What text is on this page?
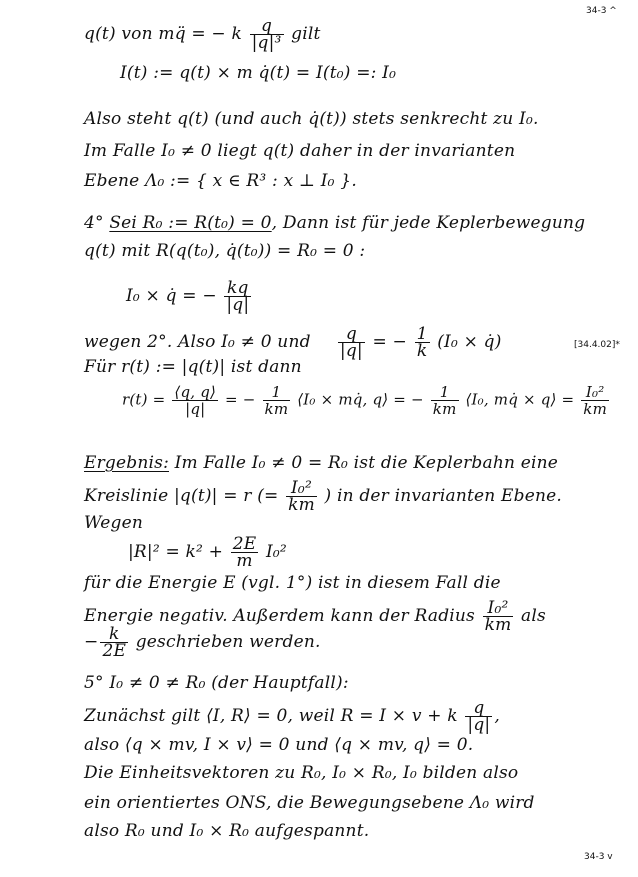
34-3 ^
q(t) von mq̈ = − k $\frac{q}{\text{|q|³}}$ gilt
I(t) := q(t) × m q̇(t) = I(t₀) =: I₀
Also steht q(t) (und auch q̇(t)) stets senkrecht zu I₀.
Im Falle I₀ ≠ 0 liegt q(t) daher in der invarianten
Ebene Λ₀ := { x ∈ R³ : x ⊥ I₀ }.
4° Sei R₀ := R(t₀) = 0, Dann ist für jede Keplerbewegung
q(t) mit R(q(t₀), q̇(t₀)) = R₀ = 0 :
I₀ × q̇ = − $\frac{kq}{|q|}$
wegen 2°. Also I₀ ≠ 0 und $\frac{q}{|q|}$ = − $\frac{1}{k} (I_0$ × q̇)	[34.4.02]*
Für r(t) := |q(t)| ist dann
$r(t) = \frac{⟨q, q⟩}{|q|}$ = − $\frac{1}{km}$ ⟨I₀ × mq̇, q⟩ = − $\frac{1}{km}$ ⟨I₀, mq̇ × q⟩ = $\frac{\text{I₀²}}{km}$
Ergebnis: Im Falle I₀ ≠ 0 = R₀ ist die Keplerbahn eine
Kreislinie |q(t)| = r (= $\frac{\text{I₀²}}{km}$ ) in der invarianten Ebene.
Wegen
$|R|^2 = k^2 + \frac{2E}{m} I_0^2$
für die Energie E (vgl. 1°) ist in diesem Fall die
Energie negativ. Außerdem kann der Radius $\frac{\text{I₀²}}{km}$ als
− $\frac{k}{2E}$ geschrieben werden.
5° I₀ ≠ 0 ≠ R₀ (der Hauptfall):
Zunächst gilt ⟨I, R⟩ = 0, weil R = I × v + k $\frac{q}{|q|}$ ,
also ⟨q × mv, I × v⟩ = 0 und ⟨q × mv, q⟩ = 0.
Die Einheitsvektoren zu R₀, I₀ × R₀, I₀ bilden also
ein orientiertes ONS, die Bewegungsebene Λ₀ wird
also R₀ und I₀ × R₀ aufgespannt.
34-3 v
